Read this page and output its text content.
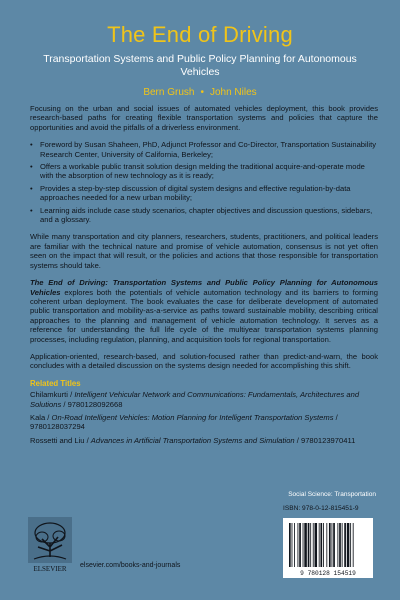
The End of Driving
Transportation Systems and Public Policy Planning for Autonomous Vehicles
Bern Grush • John Niles

Focusing on the urban and social issues of automated vehicles deployment, this book provides research-based paths for creating flexible transportation systems and policies that capture the opportunities and avoid the pitfalls of a driverless environment.

• Foreword by Susan Shaheen, PhD, Adjunct Professor and Co-Director, Transportation Sustainability Research Center, University of California, Berkeley;
• Offers a workable public transit solution design melding the traditional acquire-and-operate mode with the absorption of new technology as it is ready;
• Provides a step-by-step discussion of digital system designs and effective regulation-by-data approaches needed for a new urban mobility;
• Learning aids include case study scenarios, chapter objectives and discussion questions, sidebars, and a glossary.

While many transportation and city planners, researchers, students, practitioners, and political leaders are familiar with the technical nature and promise of vehicle automation, consensus is not yet often seen on the impact that will result, or the policies and actions that those responsible for transportation systems should take.

The End of Driving: Transportation Systems and Public Policy Planning for Autonomous Vehicles explores both the potentials of vehicle automation technology and its barriers to forming coherent urban deployment. The book evaluates the case for deliberate development of automated public transportation and mobility-as-a-service as paths toward sustainable mobility, describing critical approaches to the planning and management of vehicle automation technology. It serves as a reference for understanding the full life cycle of the multiyear transportation systems planning processes, including regulation, planning, and acquisition tools for regional transportation.

Application-oriented, research-based, and solution-focused rather than predict-and-warn, the book concludes with a detailed discussion on the systems design needed for accomplishing this shift.

Related Titles
Chilamkurti / Intelligent Vehicular Network and Communications: Fundamentals, Architectures and Solutions / 9780128092668
Kala / On-Road Intelligent Vehicles: Motion Planning for Intelligent Transportation Systems / 9780128037294
Rossetti and Liu / Advances in Artificial Transportation Systems and Simulation / 9780123970411
Social Science: Transportation
ELSEVIER elsevier.com/books-and-journals
ISBN: 978-0-12-815451-9
9 780128 154519
